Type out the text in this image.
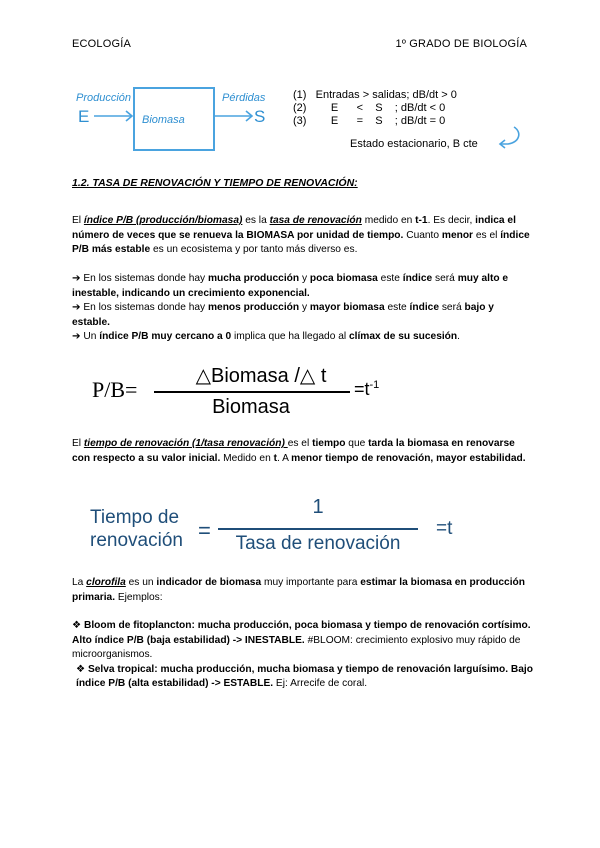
ECOLOGÍA	1º GRADO DE BIOLOGÍA
Producción
E	Biomasa
Pérdidas
S
(1) Entradas > salidas; dB/dt > 0
(2) E      <    S    ; dB/dt < 0
(3) E      =    S    ; dB/dt = 0
Estado estacionario, B cte
1.2. TASA DE RENOVACIÓN Y TIEMPO DE RENOVACIÓN:

El índice P/B (producción/biomasa) es la tasa de renovación medido en t-1. Es decir, indica el número de veces que se renueva la BIOMASA por unidad de tiempo. Cuanto menor es el índice P/B más estable es un ecosistema y por tanto más diverso es.

➔ En los sistemas donde hay mucha producción y poca biomasa este índice será muy alto e inestable, indicando un crecimiento exponencial.
➔ En los sistemas donde hay menos producción y mayor biomasa este índice será bajo y estable.
➔ Un índice P/B muy cercano a 0 implica que ha llegado al clímax de su sucesión.
P/B=
△Biomasa /△ t
Biomasa
$=t^{-1}$

El tiempo de renovación (1/tasa renovación) es el tiempo que tarda la biomasa en renovarse con respecto a su valor inicial. Medido en t. A menor tiempo de renovación, mayor estabilidad.

Tiempo de
renovación =
1
Tasa de renovación
=t

La clorofila es un indicador de biomasa muy importante para estimar la biomasa en producción primaria. Ejemplos:

❖ Bloom de fitoplancton: mucha producción, poca biomasa y tiempo de renovación cortísimo. Alto índice P/B (baja estabilidad) -> INESTABLE. #BLOOM: crecimiento explosivo muy rápido de microorganismos.
❖ Selva tropical: mucha producción, mucha biomasa y tiempo de renovación larguísimo. Bajo índice P/B (alta estabilidad) -> ESTABLE. Ej: Arrecife de coral.
